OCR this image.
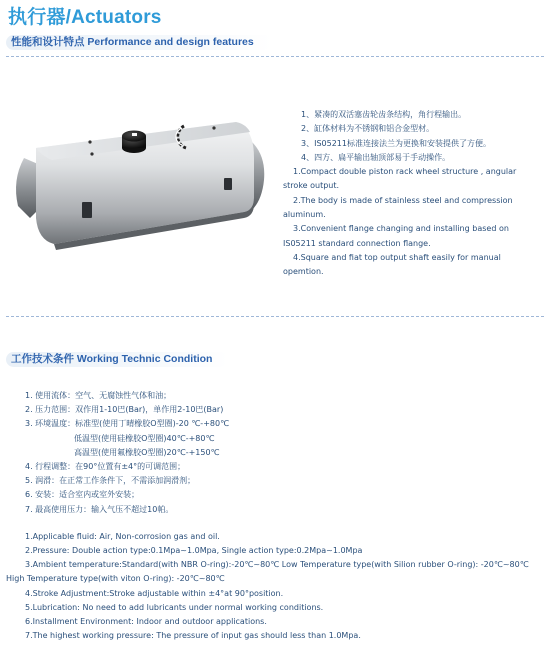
执行器/Actuators
性能和设计特点 Performance and design features
1、紧凑的双活塞齿轮齿条结构，角行程输出。
2、缸体材料为不锈钢和铝合金型材。
3、IS05211标准连接法兰为更换和安装提供了方便。
4、四方、扁平输出轴顶部易于手动操作。
1.Compact double piston rack wheel structure , angular stroke output.
2.The body is made of stainless steel and compression aluminum.
3.Convenient flange changing and installing based on IS05211 standard connection flange.
4.Square and fiat top output shaft easily for manual opemtion.
工作技术条件 Working Technic Condition
1. 使用流体：空气、无腐蚀性气体和油；
2. 压力范围：双作用1-10巴(Bar)，单作用2-10巴(Bar)
3. 环境温度：标准型(使用丁晴橡胶O型圈)-20 ℃-+80℃
低温型(使用硅橡胶O型圈)40℃-+80℃
高温型(使用氟橡胶O型圈)20℃-+150℃
4. 行程调整：在90°位置有±4°的可调范围；
5. 润滑：在正常工作条件下，不需添加润滑剂；
6. 安装：适合室内或室外安装；
7. 最高使用压力：输入气压不超过10帕。
1.Applicable fluid: Air, Non-corrosion gas and oil.
2.Pressure: Double action type:0.1Mpa~1.0Mpa, Single action type:0.2Mpa~1.0Mpa
3.Ambient temperature:Standard(with NBR O-ring):-20℃~80℃ Low Temperature type(with Silion rubber O-ring): -20℃~80℃
High Temperature type(with viton O-ring): -20℃~80℃
4.Stroke Adjustment:Stroke adjustable within ±4°at 90°position.
5.Lubrication: No need to add lubricants under normal working conditions.
6.Installment Environment: Indoor and outdoor applications.
7.The highest working pressure: The pressure of input gas should less than 1.0Mpa.
